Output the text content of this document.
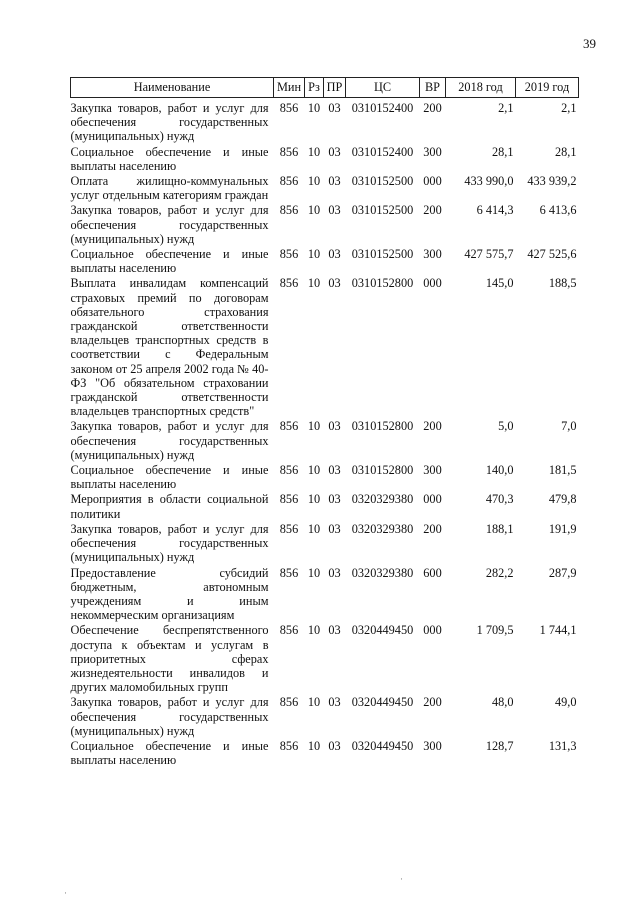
39
Наименование	Мин	Рз	ПР	ЦС	ВР	2018 год	2019 год
Закупка товаров, работ и услуг для обеспечения государственных (муниципальных) нужд	856	10	03	0310152400	200	2,1	2,1
Социальное обеспечение и иные выплаты населению	856	10	03	0310152400	300	28,1	28,1
Оплата жилищно-коммунальных услуг отдельным категориям граждан	856	10	03	0310152500	000	433 990,0	433 939,2
Закупка товаров, работ и услуг для обеспечения государственных (муниципальных) нужд	856	10	03	0310152500	200	6 414,3	6 413,6
Социальное обеспечение и иные выплаты населению	856	10	03	0310152500	300	427 575,7	427 525,6
Выплата инвалидам компенсаций страховых премий по договорам обязательного страхования гражданской ответственности владельцев транспортных средств в соответствии с Федеральным законом от 25 апреля 2002 года № 40-ФЗ "Об обязательном страховании гражданской ответственности владельцев транспортных средств"	856	10	03	0310152800	000	145,0	188,5
Закупка товаров, работ и услуг для обеспечения государственных (муниципальных) нужд	856	10	03	0310152800	200	5,0	7,0
Социальное обеспечение и иные выплаты населению	856	10	03	0310152800	300	140,0	181,5
Мероприятия в области социальной политики	856	10	03	0320329380	000	470,3	479,8
Закупка товаров, работ и услуг для обеспечения государственных (муниципальных) нужд	856	10	03	0320329380	200	188,1	191,9
Предоставление субсидий бюджетным, автономным учреждениям и иным некоммерческим организациям	856	10	03	0320329380	600	282,2	287,9
Обеспечение беспрепятственного доступа к объектам и услугам в приоритетных сферах жизнедеятельности инвалидов и других маломобильных групп	856	10	03	0320449450	000	1 709,5	1 744,1
Закупка товаров, работ и услуг для обеспечения государственных (муниципальных) нужд	856	10	03	0320449450	200	48,0	49,0
Социальное обеспечение и иные выплаты населению	856	10	03	0320449450	300	128,7	131,3
·
·
